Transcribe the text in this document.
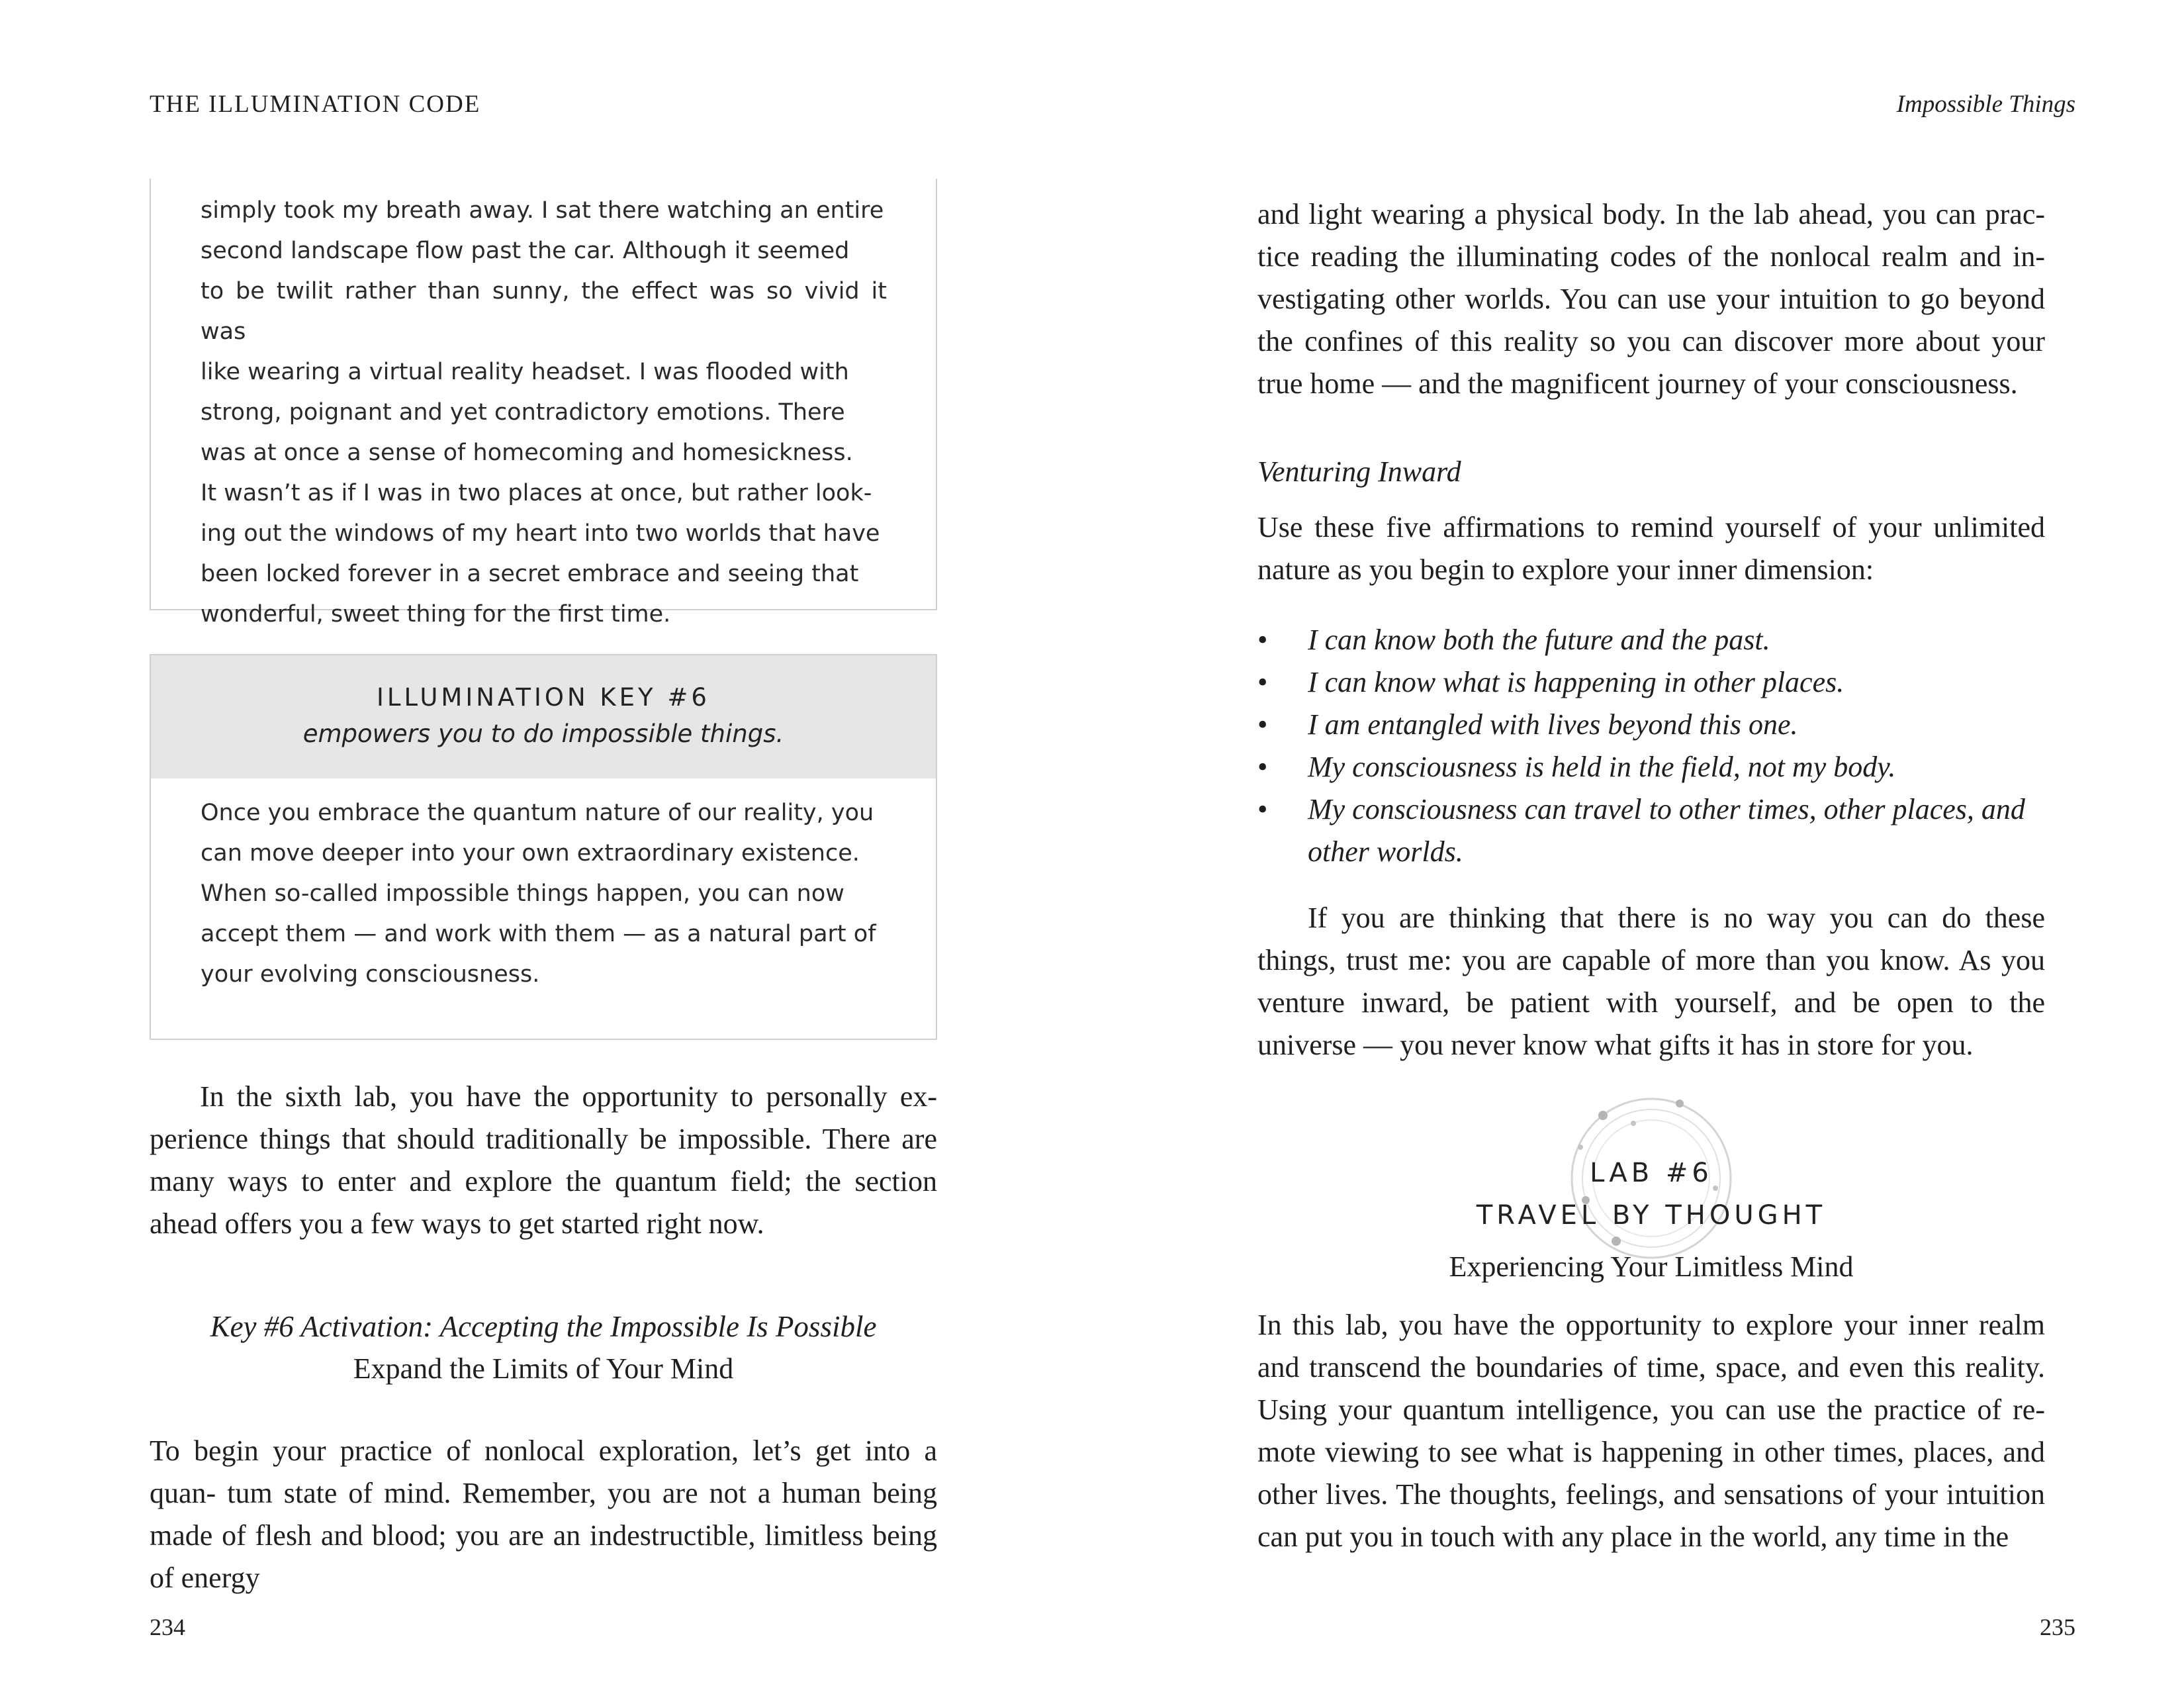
THE ILLUMINATION CODE

simply took my breath away. I sat there watching an entire
second landscape flow past the car. Although it seemed
to be twilit rather than sunny, the effect was so vivid it was
like wearing a virtual reality headset. I was flooded with
strong, poignant and yet contradictory emotions. There
was at once a sense of homecoming and homesickness.
It wasn’t as if I was in two places at once, but rather look-
ing out the windows of my heart into two worlds that have
been locked forever in a secret embrace and seeing that
wonderful, sweet thing for the first time.

ILLUMINATION KEY #6
empowers you to do impossible things.

Once you embrace the quantum nature of our reality, you
can move deeper into your own extraordinary existence.
When so-called impossible things happen, you can now
accept them — and work with them — as a natural part of
your evolving consciousness.

In the sixth lab, you have the opportunity to personally ex- perience things that should traditionally be impossible. There are many ways to enter and explore the quantum field; the section ahead offers you a few ways to get started right now.

Key #6 Activation: Accepting the Impossible Is Possible
Expand the Limits of Your Mind

To begin your practice of nonlocal exploration, let’s get into a quan- tum state of mind. Remember, you are not a human being made of flesh and blood; you are an indestructible, limitless being of energy

234
Impossible Things
235

and light wearing a physical body. In the lab ahead, you can prac- tice reading the illuminating codes of the nonlocal realm and in- vestigating other worlds. You can use your intuition to go beyond the confines of this reality so you can discover more about your true home — and the magnificent journey of your consciousness.

Venturing Inward

Use these five affirmations to remind yourself of your unlimited nature as you begin to explore your inner dimension:

• I can know both the future and the past.
• I can know what is happening in other places.
• I am entangled with lives beyond this one.
• My consciousness is held in the field, not my body.
• My consciousness can travel to other times, other places, and other worlds.

If you are thinking that there is no way you can do these things, trust me: you are capable of more than you know. As you venture inward, be patient with yourself, and be open to the universe — you never know what gifts it has in store for you.

LAB #6
TRAVEL BY THOUGHT
Experiencing Your Limitless Mind

In this lab, you have the opportunity to explore your inner realm and transcend the boundaries of time, space, and even this reality. Using your quantum intelligence, you can use the practice of re- mote viewing to see what is happening in other times, places, and other lives. The thoughts, feelings, and sensations of your intuition can put you in touch with any place in the world, any time in the
